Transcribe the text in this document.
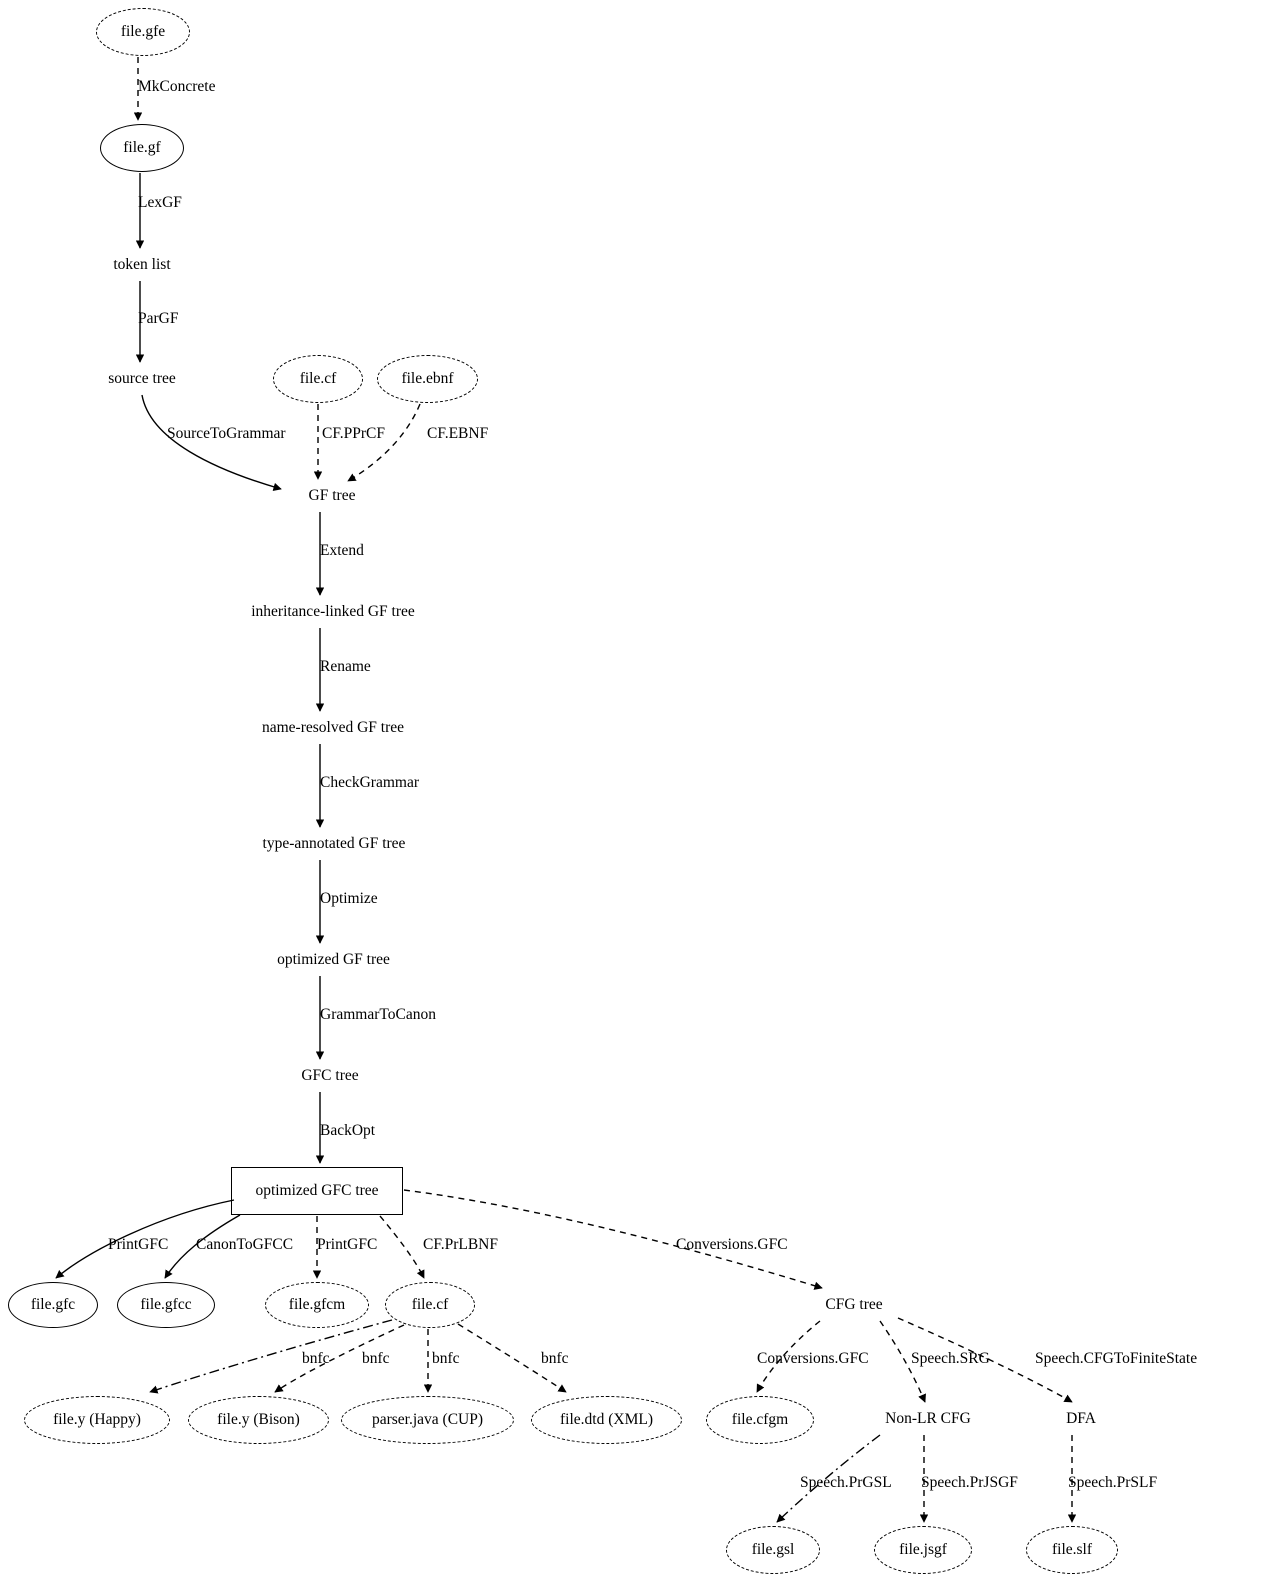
file.gfe
file.gf
token list
source tree	file.cf	file.ebnf
GF tree
inheritance-linked GF tree
name-resolved GF tree
type-annotated GF tree
optimized GF tree
GFC tree
optimized GFC tree
file.gfc	file.gfcc	file.gfcm	file.cf	CFG tree
file.y (Happy)	file.y (Bison)	parser.java (CUP)	file.dtd (XML)	file.cfgm	Non-LR CFG	DFA
file.gsl	file.jsgf	file.slf
MkConcrete
LexGF
ParGF
SourceToGrammar CF.PPrCF	CF.EBNF
Extend
Rename
CheckGrammar
Optimize
GrammarToCanon
BackOpt
PrintGFC CanonToGFCC PrintGFC	CF.PrLBNF	Conversions.GFC
bnfc bnfc	bnfc	bnfc	Conversions.GFC	Speech.SRG	Speech.CFGToFiniteState
Speech.PrGSL Speech.PrJSGF	Speech.PrSLF
